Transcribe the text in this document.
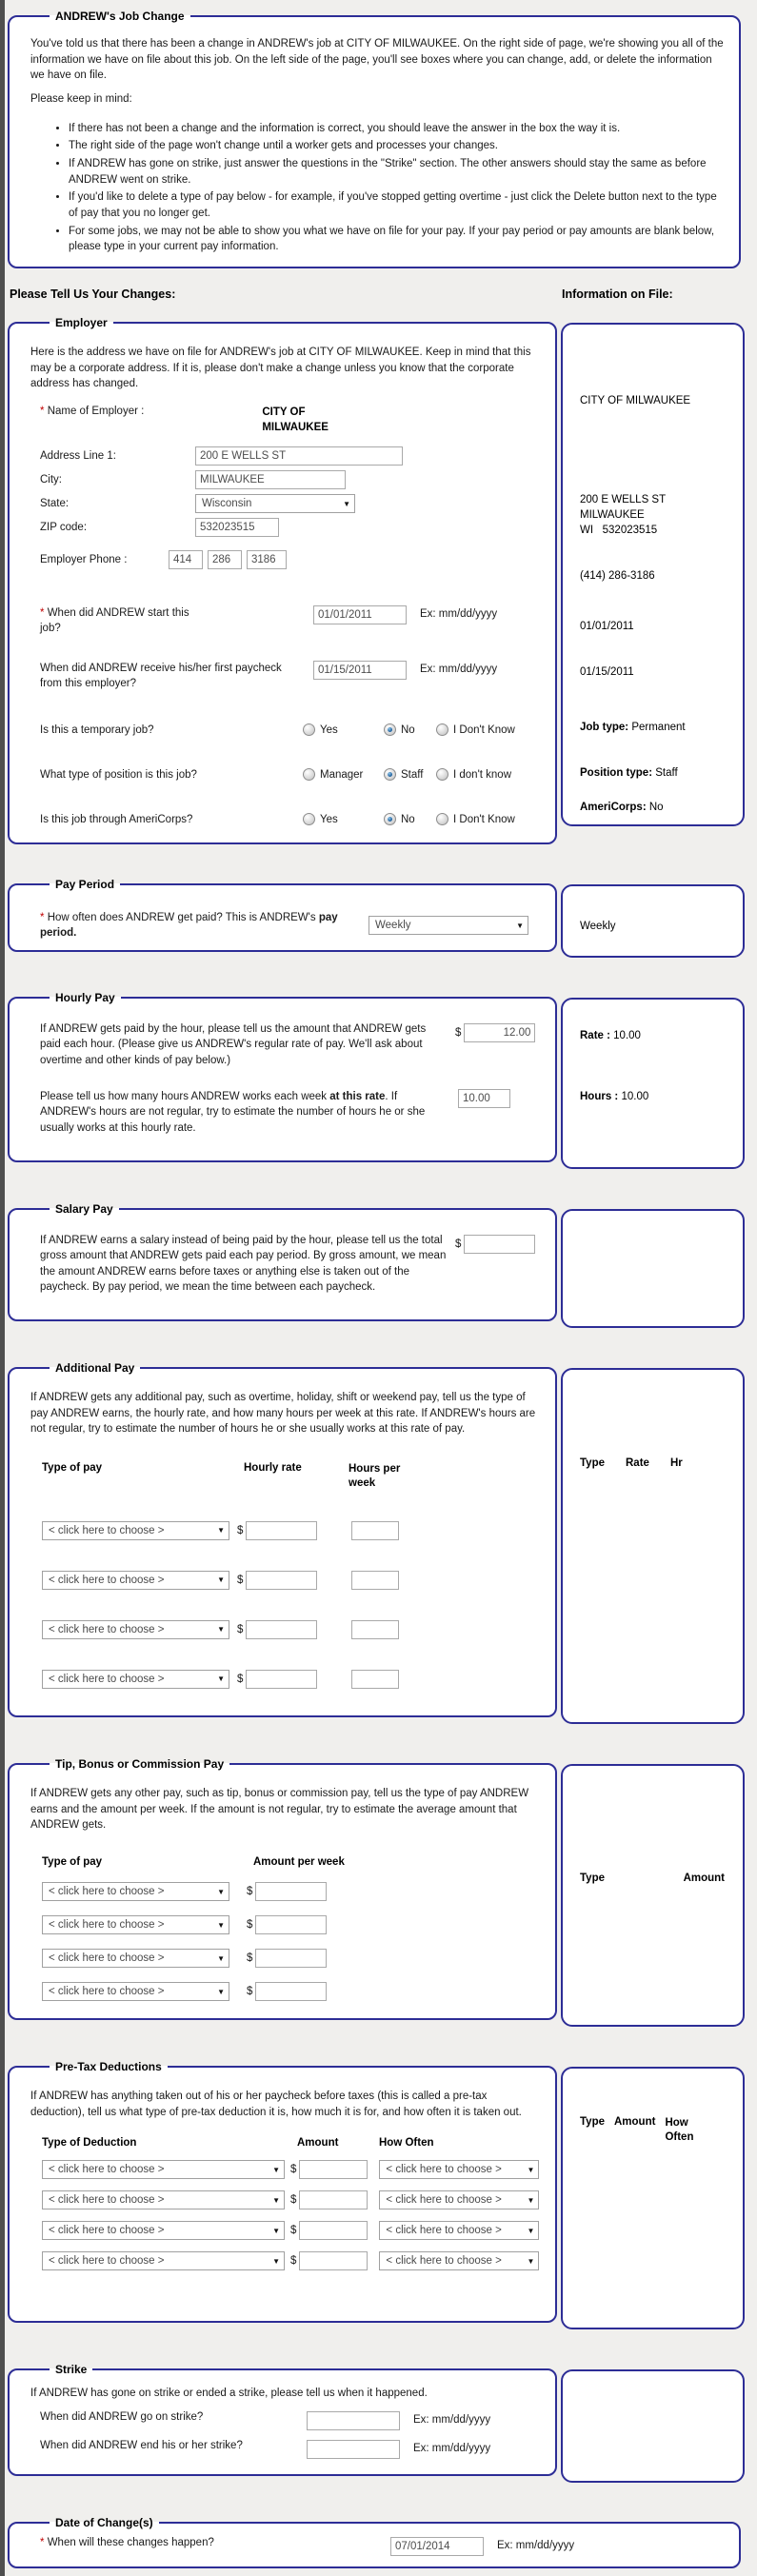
ANDREW's Job Change

You've told us that there has been a change in ANDREW's job at CITY OF MILWAUKEE. On the right side of page, we're showing you all of the information we have on file about this job. On the left side of the page, you'll see boxes where you can change, add, or delete the information we have on file.

Please keep in mind:

• If there has not been a change and the information is correct, you should leave the answer in the box the way it is.
• The right side of the page won't change until a worker gets and processes your changes.
• If ANDREW has gone on strike, just answer the questions in the "Strike" section. The other answers should stay the same as before ANDREW went on strike.
• If you'd like to delete a type of pay below - for example, if you've stopped getting overtime - just click the Delete button next to the type of pay that you no longer get.
• For some jobs, we may not be able to show you what we have on file for your pay. If your pay period or pay amounts are blank below, please type in your current pay information.
Please Tell Us Your Changes:	Information on File:
Employer

Here is the address we have on file for ANDREW's job at CITY OF MILWAUKEE. Keep in mind that this may be a corporate address. If it is, please don't make a change unless you know that the corporate address has changed.

* Name of Employer :	CITY OF MILWAUKEE
Address Line 1:
200 E WELLS ST
City:
MILWAUKEE
State:	Wisconsin	▼
ZIP code:
532023515
Employer Phone :
414
286
3186
* When did ANDREW start this job?
01/01/2011
Ex: mm/dd/yyyy
When did ANDREW receive his/her first paycheck from this employer?
01/15/2011
Ex: mm/dd/yyyy
Is this a temporary job?	Yes	No	I Don't Know
What type of position is this job?	Manager	Staff	I don't know
Is this job through AmeriCorps?	Yes	No	I Don't Know
CITY OF MILWAUKEE
200 E WELLS ST
MILWAUKEE
WI   532023515
(414) 286-3186
01/01/2011
01/15/2011
Job type: Permanent
Position type: Staff
AmeriCorps: No
Pay Period
* How often does ANDREW get paid? This is ANDREW's pay period.
Weekly	▼	Weekly
Hourly Pay

If ANDREW gets paid by the hour, please tell us the amount that ANDREW gets paid each hour. (Please give us ANDREW's regular rate of pay. We'll ask about overtime and other kinds of pay below.)

$
12.00

Please tell us how many hours ANDREW works each week at this rate. If ANDREW's hours are not regular, try to estimate the number of hours he or she usually works at this hourly rate.

10.00
Rate : 10.00
Hours : 10.00
Salary Pay

If ANDREW earns a salary instead of being paid by the hour, please tell us the total gross amount that ANDREW gets paid each pay period. By gross amount, we mean the amount ANDREW earns before taxes or anything else is taken out of the paycheck. By pay period, we mean the time between each paycheck.

$
Additional Pay

If ANDREW gets any additional pay, such as overtime, holiday, shift or weekend pay, tell us the type of pay ANDREW earns, the hourly rate, and how many hours per week at this rate. If ANDREW's hours are not regular, try to estimate the number of hours he or she usually works at this rate of pay.

Type of pay	Hourly rate	Hours per week
< click here to choose >	▼ $
< click here to choose >	▼ $
< click here to choose >	▼ $
< click here to choose >	▼ $
Type Rate Hr
Tip, Bonus or Commission Pay

If ANDREW gets any other pay, such as tip, bonus or commission pay, tell us the type of pay ANDREW earns and the amount per week. If the amount is not regular, try to estimate the average amount that ANDREW gets.

Type of pay	Amount per week
< click here to choose >	▼ $
< click here to choose >	▼ $
< click here to choose >	▼ $
< click here to choose >	▼ $
Type	Amount
Pre-Tax Deductions

If ANDREW has anything taken out of his or her paycheck before taxes (this is called a pre-tax deduction), tell us what type of pre-tax deduction it is, how much it is for, and how often it is taken out.

Type of Deduction	Amount	How Often
< click here to choose >	▼ $	< click here to choose >	▼
< click here to choose >	▼ $	< click here to choose >	▼
< click here to choose >	▼ $	< click here to choose >	▼
< click here to choose >	▼ $	< click here to choose >	▼
Type Amount How Often
Strike

If ANDREW has gone on strike or ended a strike, please tell us when it happened.

When did ANDREW go on strike?	Ex: mm/dd/yyyy
When did ANDREW end his or her strike?	Ex: mm/dd/yyyy
Date of Change(s)
* When will these changes happen?
07/01/2014	Ex: mm/dd/yyyy
